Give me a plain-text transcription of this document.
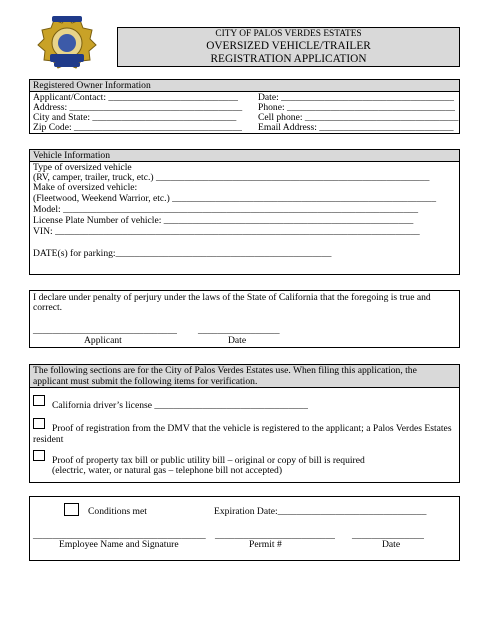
CITY OF PALOS VERDES ESTATES
OVERSIZED VEHICLE/TRAILER
REGISTRATION APPLICATION
Registered Owner Information
Applicant/Contact: ___________________________
Address: ____________________________________
City and State: ______________________________
Zip Code: ___________________________________
Date: ____________________________________
Phone: ___________________________________
Cell phone: ________________________________
Email Address: ____________________________
Vehicle Information
Type of oversized vehicle
(RV, camper, trailer, truck, etc.) _________________________________________________________
Make of oversized vehicle:
(Fleetwood, Weekend Warrior, etc.) _______________________________________________________
Model: __________________________________________________________________________
License Plate Number of vehicle: ____________________________________________________
VIN: ____________________________________________________________________________
DATE(s) for parking:_____________________________________________
I declare under penalty of perjury under the laws of the State of California that the foregoing is true and
correct.
______________________________ _________________
Applicant	Date
The following sections are for the City of Palos Verdes Estates use. When filing this application, the
applicant must submit the following items for verification.
California driver’s license ________________________________
Proof of registration from the DMV that the vehicle is registered to the applicant; a Palos Verdes Estates
resident
Proof of property tax bill or public utility bill – original or copy of bill is required
(electric, water, or natural gas – telephone bill not accepted)
Conditions met	Expiration Date:_______________________________
____________________________________ _________________________ _______________
Employee Name and Signature	Permit #	Date
